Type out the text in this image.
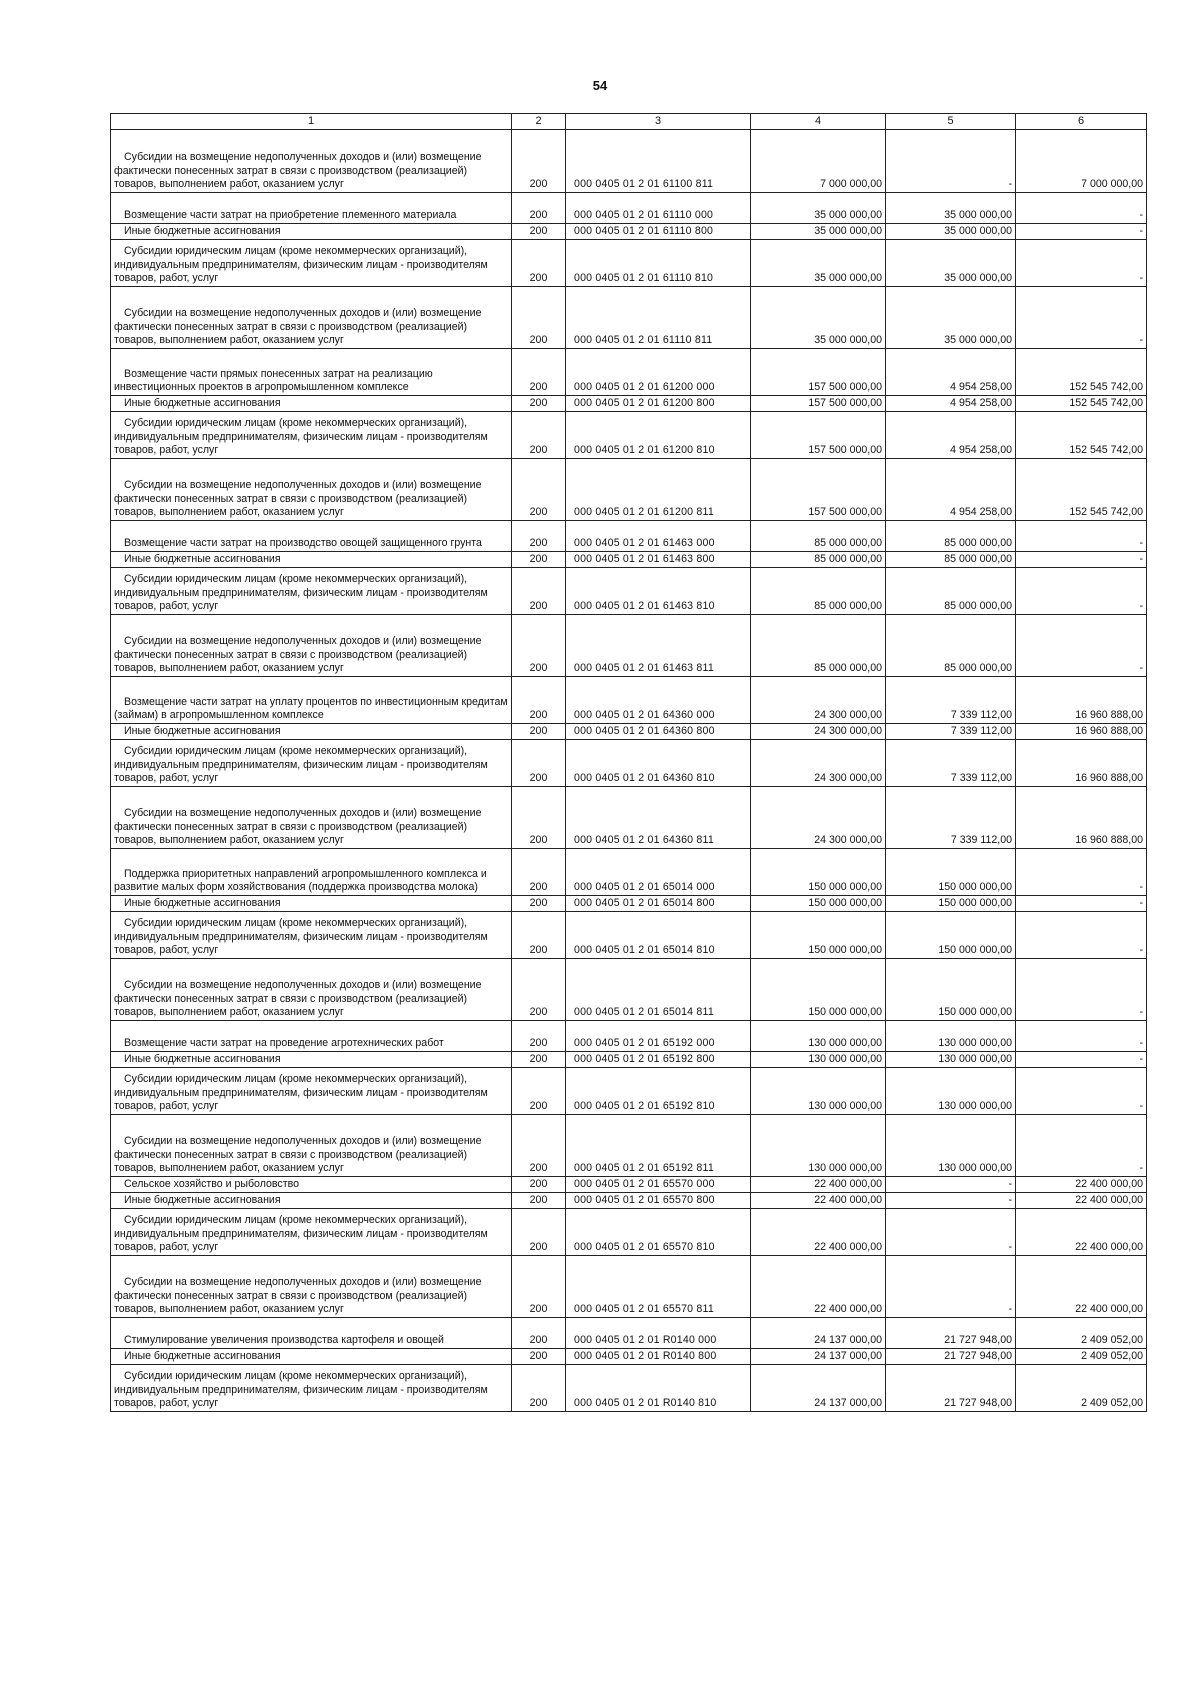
54
1	2	3	4	5	6
Субсидии на возмещение недополученных доходов и (или) возмещение фактически понесенных затрат в связи с производством (реализацией) товаров, выполнением работ, оказанием услуг	200	000 0405 01 2 01 61100 811	7 000 000,00	-	7 000 000,00
Возмещение части затрат на приобретение племенного материала	200	000 0405 01 2 01 61110 000	35 000 000,00	35 000 000,00	-
Иные бюджетные ассигнования	200	000 0405 01 2 01 61110 800	35 000 000,00	35 000 000,00	-
Субсидии юридическим лицам (кроме некоммерческих организаций), индивидуальным предпринимателям, физическим лицам - производителям товаров, работ, услуг	200	000 0405 01 2 01 61110 810	35 000 000,00	35 000 000,00	-
Субсидии на возмещение недополученных доходов и (или) возмещение фактически понесенных затрат в связи с производством (реализацией) товаров, выполнением работ, оказанием услуг	200	000 0405 01 2 01 61110 811	35 000 000,00	35 000 000,00	-
Возмещение части прямых понесенных затрат на реализацию инвестиционных проектов в агропромышленном комплексе	200	000 0405 01 2 01 61200 000	157 500 000,00	4 954 258,00	152 545 742,00
Иные бюджетные ассигнования	200	000 0405 01 2 01 61200 800	157 500 000,00	4 954 258,00	152 545 742,00
Субсидии юридическим лицам (кроме некоммерческих организаций), индивидуальным предпринимателям, физическим лицам - производителям товаров, работ, услуг	200	000 0405 01 2 01 61200 810	157 500 000,00	4 954 258,00	152 545 742,00
Субсидии на возмещение недополученных доходов и (или) возмещение фактически понесенных затрат в связи с производством (реализацией) товаров, выполнением работ, оказанием услуг	200	000 0405 01 2 01 61200 811	157 500 000,00	4 954 258,00	152 545 742,00
Возмещение части затрат на производство овощей защищенного грунта	200	000 0405 01 2 01 61463 000	85 000 000,00	85 000 000,00	-
Иные бюджетные ассигнования	200	000 0405 01 2 01 61463 800	85 000 000,00	85 000 000,00	-
Субсидии юридическим лицам (кроме некоммерческих организаций), индивидуальным предпринимателям, физическим лицам - производителям товаров, работ, услуг	200	000 0405 01 2 01 61463 810	85 000 000,00	85 000 000,00	-
Субсидии на возмещение недополученных доходов и (или) возмещение фактически понесенных затрат в связи с производством (реализацией) товаров, выполнением работ, оказанием услуг	200	000 0405 01 2 01 61463 811	85 000 000,00	85 000 000,00	-
Возмещение части затрат на уплату процентов по инвестиционным кредитам (займам) в агропромышленном комплексе	200	000 0405 01 2 01 64360 000	24 300 000,00	7 339 112,00	16 960 888,00
Иные бюджетные ассигнования	200	000 0405 01 2 01 64360 800	24 300 000,00	7 339 112,00	16 960 888,00
Субсидии юридическим лицам (кроме некоммерческих организаций), индивидуальным предпринимателям, физическим лицам - производителям товаров, работ, услуг	200	000 0405 01 2 01 64360 810	24 300 000,00	7 339 112,00	16 960 888,00
Субсидии на возмещение недополученных доходов и (или) возмещение фактически понесенных затрат в связи с производством (реализацией) товаров, выполнением работ, оказанием услуг	200	000 0405 01 2 01 64360 811	24 300 000,00	7 339 112,00	16 960 888,00
Поддержка приоритетных направлений агропромышленного комплекса и развитие малых форм хозяйствования (поддержка производства молока)	200	000 0405 01 2 01 65014 000	150 000 000,00	150 000 000,00	-
Иные бюджетные ассигнования	200	000 0405 01 2 01 65014 800	150 000 000,00	150 000 000,00	-
Субсидии юридическим лицам (кроме некоммерческих организаций), индивидуальным предпринимателям, физическим лицам - производителям товаров, работ, услуг	200	000 0405 01 2 01 65014 810	150 000 000,00	150 000 000,00	-
Субсидии на возмещение недополученных доходов и (или) возмещение фактически понесенных затрат в связи с производством (реализацией) товаров, выполнением работ, оказанием услуг	200	000 0405 01 2 01 65014 811	150 000 000,00	150 000 000,00	-
Возмещение части затрат на проведение агротехнических работ	200	000 0405 01 2 01 65192 000	130 000 000,00	130 000 000,00	-
Иные бюджетные ассигнования	200	000 0405 01 2 01 65192 800	130 000 000,00	130 000 000,00	-
Субсидии юридическим лицам (кроме некоммерческих организаций), индивидуальным предпринимателям, физическим лицам - производителям товаров, работ, услуг	200	000 0405 01 2 01 65192 810	130 000 000,00	130 000 000,00	-
Субсидии на возмещение недополученных доходов и (или) возмещение фактически понесенных затрат в связи с производством (реализацией) товаров, выполнением работ, оказанием услуг	200	000 0405 01 2 01 65192 811	130 000 000,00	130 000 000,00	-
Сельское хозяйство и рыболовство	200	000 0405 01 2 01 65570 000	22 400 000,00	-	22 400 000,00
Иные бюджетные ассигнования	200	000 0405 01 2 01 65570 800	22 400 000,00	-	22 400 000,00
Субсидии юридическим лицам (кроме некоммерческих организаций), индивидуальным предпринимателям, физическим лицам - производителям товаров, работ, услуг	200	000 0405 01 2 01 65570 810	22 400 000,00	-	22 400 000,00
Субсидии на возмещение недополученных доходов и (или) возмещение фактически понесенных затрат в связи с производством (реализацией) товаров, выполнением работ, оказанием услуг	200	000 0405 01 2 01 65570 811	22 400 000,00	-	22 400 000,00
Стимулирование увеличения производства картофеля и овощей	200	000 0405 01 2 01 R0140 000	24 137 000,00	21 727 948,00	2 409 052,00
Иные бюджетные ассигнования	200	000 0405 01 2 01 R0140 800	24 137 000,00	21 727 948,00	2 409 052,00
Субсидии юридическим лицам (кроме некоммерческих организаций), индивидуальным предпринимателям, физическим лицам - производителям товаров, работ, услуг	200	000 0405 01 2 01 R0140 810	24 137 000,00	21 727 948,00	2 409 052,00
